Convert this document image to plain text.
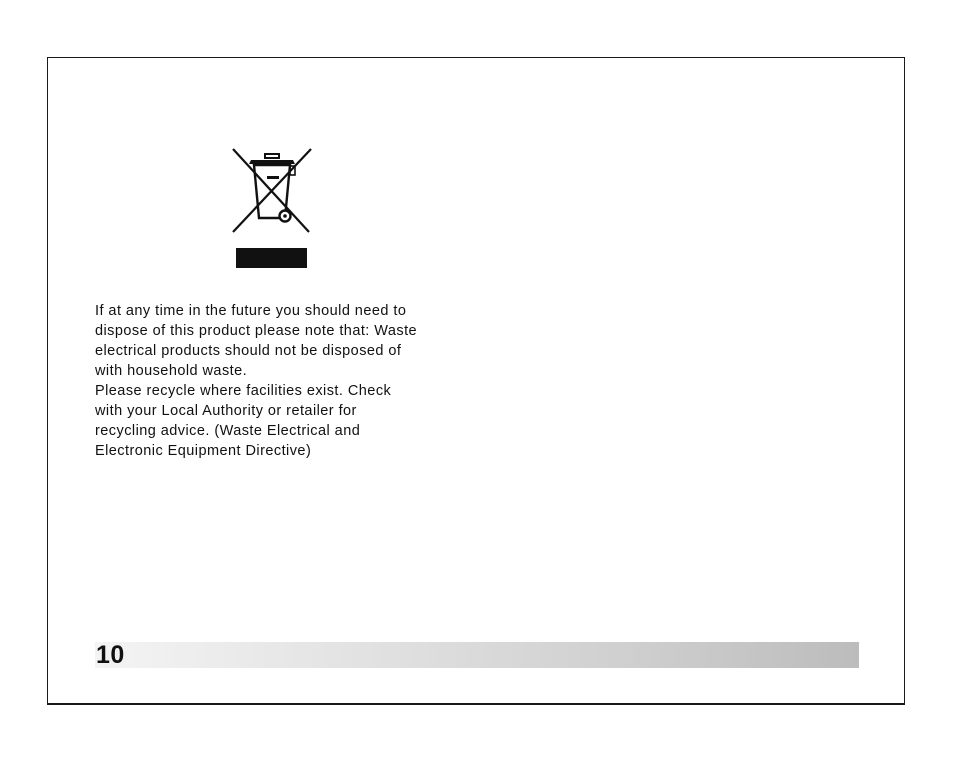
If at any time in the future you should need to
dispose of this product please note that: Waste
electrical products should not be disposed of
with household waste.
Please recycle where facilities exist. Check
with your Local Authority or retailer for
recycling advice. (Waste Electrical and
Electronic Equipment Directive)
10
